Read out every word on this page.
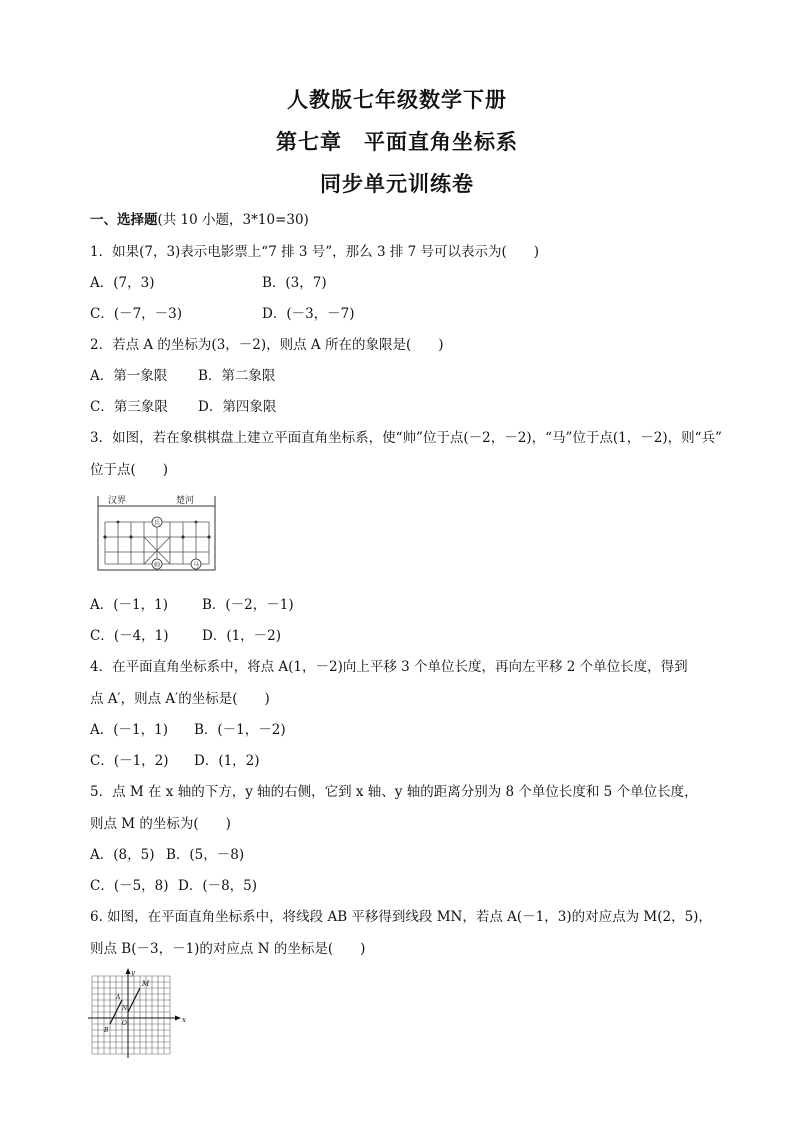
人教版七年级数学下册
第七章　平面直角坐标系
同步单元训练卷
一、选择题(共 10 小题，3*10=30)
1．如果(7，3)表示电影票上“7 排 3 号”，那么 3 排 7 号可以表示为(　　)
A．(7，3)	B．(3，7)
C．(－7，－3)	D．(－3，－7)
2．若点 A 的坐标为(3，－2)，则点 A 所在的象限是(　　)
A．第一象限 B．第二象限
C．第三象限 D．第四象限
3．如图，若在象棋棋盘上建立平面直角坐标系，使“帅”位于点(－2，－2)，“马”位于点(1，－2)，则“兵”
位于点(　　)
汉界	楚河
兵
帅	马
A．(－1，1)	B．(－2，－1)
C．(－4，1) D．(1，－2)
4．在平面直角坐标系中，将点 A(1，－2)向上平移 3 个单位长度，再向左平移 2 个单位长度，得到
点 A′，则点 A′的坐标是(　　)
A．(－1，1) B．(－1，－2)
C．(－1，2) D．(1，2)
5．点 M 在 x 轴的下方，y 轴的右侧，它到 x 轴、y 轴的距离分别为 8 个单位长度和 5 个单位长度，
则点 M 的坐标为(　　)
A．(8，5) B．(5，－8)
C．(－5，8) D．(－8，5)
6. 如图，在平面直角坐标系中，将线段 AB 平移得到线段 MN，若点 A(－1，3)的对应点为 M(2，5)，
则点 B(－3，－1)的对应点 N 的坐标是(　　)
x
y
M
N
A
B
O
